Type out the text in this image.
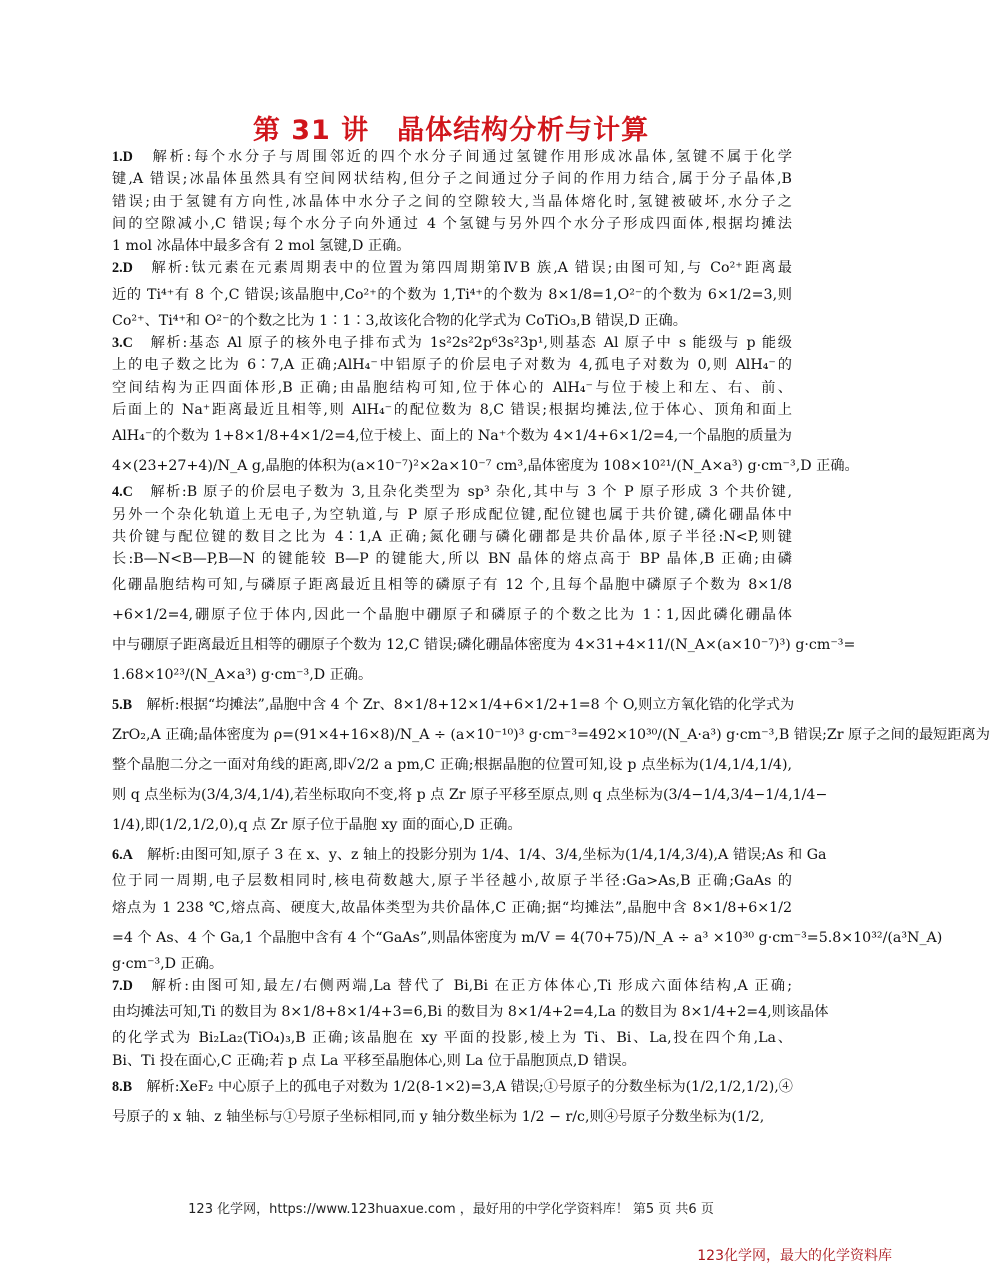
第 31 讲　晶体结构分析与计算
1.D　 解析:每个水分子与周围邻近的四个水分子间通过氢键作用形成冰晶体,氢键不属于化学
键,A 错误;冰晶体虽然具有空间网状结构,但分子之间通过分子间的作用力结合,属于分子晶体,B
错误;由于氢键有方向性,冰晶体中水分子之间的空隙较大,当晶体熔化时,氢键被破坏,水分子之
间的空隙减小,C 错误;每个水分子向外通过 4 个氢键与另外四个水分子形成四面体,根据均摊法
1 mol 冰晶体中最多含有 2 mol 氢键,D 正确。
2.D　 解析:钛元素在元素周期表中的位置为第四周期第ⅣB 族,A 错误;由图可知,与 Co²⁺距离最
近的 Ti⁴⁺有 8 个,C 错误;该晶胞中,Co²⁺的个数为 1,Ti⁴⁺的个数为 8×1/8=1,O²⁻的个数为 6×1/2=3,则
Co²⁺、Ti⁴⁺和 O²⁻的个数之比为 1∶1∶3,故该化合物的化学式为 CoTiO₃,B 错误,D 正确。
3.C　 解析:基态 Al 原子的核外电子排布式为 1s²2s²2p⁶3s²3p¹,则基态 Al 原子中 s 能级与 p 能级
上的电子数之比为 6∶7,A 正确;AlH₄⁻中铝原子的价层电子对数为 4,孤电子对数为 0,则 AlH₄⁻的
空间结构为正四面体形,B 正确;由晶胞结构可知,位于体心的 AlH₄⁻与位于棱上和左、右、前、
后面上的 Na⁺距离最近且相等,则 AlH₄⁻的配位数为 8,C 错误;根据均摊法,位于体心、顶角和面上
AlH₄⁻的个数为 1+8×1/8+4×1/2=4,位于棱上、面上的 Na⁺个数为 4×1/4+6×1/2=4,一个晶胞的质量为
4×(23+27+4)/N_A g,晶胞的体积为(a×10⁻⁷)²×2a×10⁻⁷ cm³,晶体密度为 108×10²¹/(N_A×a³) g·cm⁻³,D 正确。
4.C　 解析:B 原子的价层电子数为 3,且杂化类型为 sp³ 杂化,其中与 3 个 P 原子形成 3 个共价键,
另外一个杂化轨道上无电子,为空轨道,与 P 原子形成配位键,配位键也属于共价键,磷化硼晶体中
共价键与配位键的数目之比为 4∶1,A 正确;氮化硼与磷化硼都是共价晶体,原子半径:N<P,则键
长:B—N<B—P,B—N 的键能较 B—P 的键能大,所以 BN 晶体的熔点高于 BP 晶体,B 正确;由磷
化硼晶胞结构可知,与磷原子距离最近且相等的磷原子有 12 个,且每个晶胞中磷原子个数为 8×1/8
+6×1/2=4,硼原子位于体内,因此一个晶胞中硼原子和磷原子的个数之比为 1∶1,因此磷化硼晶体
中与硼原子距离最近且相等的硼原子个数为 12,C 错误;磷化硼晶体密度为 4×31+4×11/(N_A×(a×10⁻⁷)³) g·cm⁻³=
1.68×10²³/(N_A×a³) g·cm⁻³,D 正确。
5.B　 解析:根据“均摊法”,晶胞中含 4 个 Zr、8×1/8+12×1/4+6×1/2+1=8 个 O,则立方氧化锆的化学式为
ZrO₂,A 正确;晶体密度为 ρ=(91×4+16×8)/N_A ÷ (a×10⁻¹⁰)³ g·cm⁻³=492×10³⁰/(N_A·a³) g·cm⁻³,B 错误;Zr 原子之间的最短距离为
整个晶胞二分之一面对角线的距离,即√2/2 a pm,C 正确;根据晶胞的位置可知,设 p 点坐标为(1/4,1/4,1/4),
则 q 点坐标为(3/4,3/4,1/4),若坐标取向不变,将 p 点 Zr 原子平移至原点,则 q 点坐标为(3/4−1/4,3/4−1/4,1/4−
1/4),即(1/2,1/2,0),q 点 Zr 原子位于晶胞 xy 面的面心,D 正确。
6.A　 解析:由图可知,原子 3 在 x、y、z 轴上的投影分别为 1/4、1/4、3/4,坐标为(1/4,1/4,3/4),A 错误;As 和 Ga
位于同一周期,电子层数相同时,核电荷数越大,原子半径越小,故原子半径:Ga>As,B 正确;GaAs 的
熔点为 1 238 ℃,熔点高、硬度大,故晶体类型为共价晶体,C 正确;据“均摊法”,晶胞中含 8×1/8+6×1/2
=4 个 As、4 个 Ga,1 个晶胞中含有 4 个“GaAs”,则晶体密度为 m/V = 4(70+75)/N_A ÷ a³ ×10³⁰ g·cm⁻³=5.8×10³²/(a³N_A)
g·cm⁻³,D 正确。
7.D　 解析:由图可知,最左/右侧两端,La 替代了 Bi,Bi 在正方体体心,Ti 形成六面体结构,A 正确;
由均摊法可知,Ti 的数目为 8×1/8+8×1/4+3=6,Bi 的数目为 8×1/4+2=4,La 的数目为 8×1/4+2=4,则该晶体
的化学式为 Bi₂La₂(TiO₄)₃,B 正确;该晶胞在 xy 平面的投影,棱上为 Ti、Bi、La,投在四个角,La、
Bi、Ti 投在面心,C 正确;若 p 点 La 平移至晶胞体心,则 La 位于晶胞顶点,D 错误。
8.B　 解析:XeF₂ 中心原子上的孤电子对数为 1/2(8-1×2)=3,A 错误;①号原子的分数坐标为(1/2,1/2,1/2),④
号原子的 x 轴、z 轴坐标与①号原子坐标相同,而 y 轴分数坐标为 1/2 − r/c,则④号原子分数坐标为(1/2,
123 化学网，https://www.123huaxue.com ，最好用的中学化学资料库！ 第5 页 共6 页
123化学网，最大的化学资料库
